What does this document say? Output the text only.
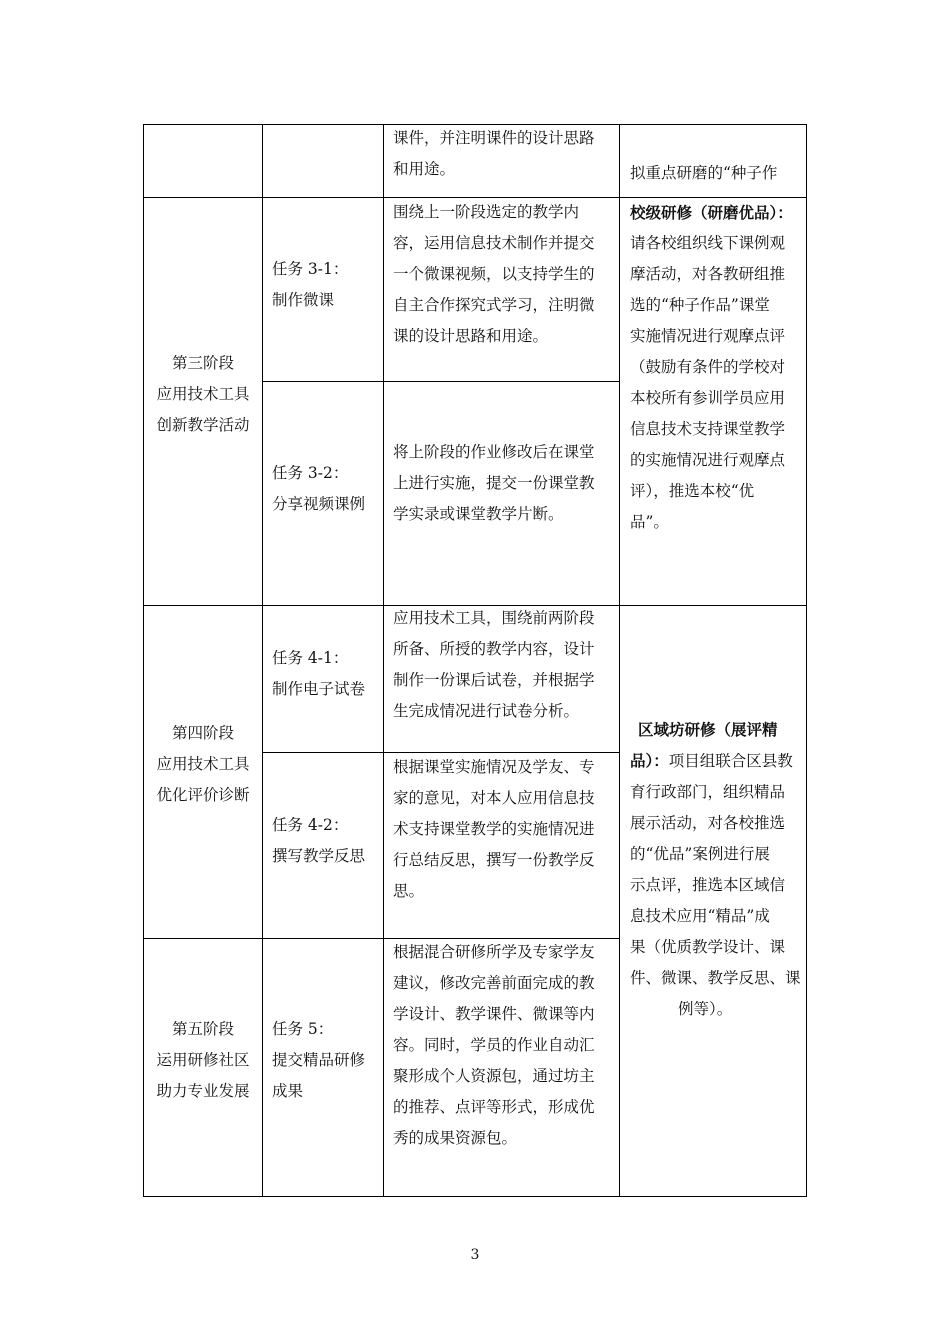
课件，并注明课件的设计思路
和用途。	拟重点研磨的“种子作
第三阶段
应用技术工具
创新教学活动
任务 3-1：
制作微课
围绕上一阶段选定的教学内
容，运用信息技术制作并提交
一个微课视频，以支持学生的
自主合作探究式学习，注明微
课的设计思路和用途。
任务 3-2：
分享视频课例
将上阶段的作业修改后在课堂
上进行实施，提交一份课堂教
学实录或课堂教学片断。
校级研修（研磨优品）：
请各校组织线下课例观
摩活动，对各教研组推
选的“种子作品”课堂
实施情况进行观摩点评
（鼓励有条件的学校对
本校所有参训学员应用
信息技术支持课堂教学
的实施情况进行观摩点
评），推选本校“优
品”。
第四阶段
应用技术工具
优化评价诊断
任务 4-1：
制作电子试卷
应用技术工具，围绕前两阶段
所备、所授的教学内容，设计
制作一份课后试卷，并根据学
生完成情况进行试卷分析。
任务 4-2：
撰写教学反思
根据课堂实施情况及学友、专
家的意见，对本人应用信息技
术支持课堂教学的实施情况进
行总结反思，撰写一份教学反
思。
第五阶段
运用研修社区
助力专业发展
任务 5：
提交精品研修
成果
根据混合研修所学及专家学友
建议，修改完善前面完成的教
学设计、教学课件、微课等内
容。同时，学员的作业自动汇
聚形成个人资源包，通过坊主
的推荐、点评等形式，形成优
秀的成果资源包。
区域坊研修（展评精
品）：项目组联合区县教
育行政部门，组织精品
展示活动，对各校推选
的“优品”案例进行展
示点评，推选本区域信
息技术应用“精品”成
果（优质教学设计、课
件、微课、教学反思、课
例等）。
3
